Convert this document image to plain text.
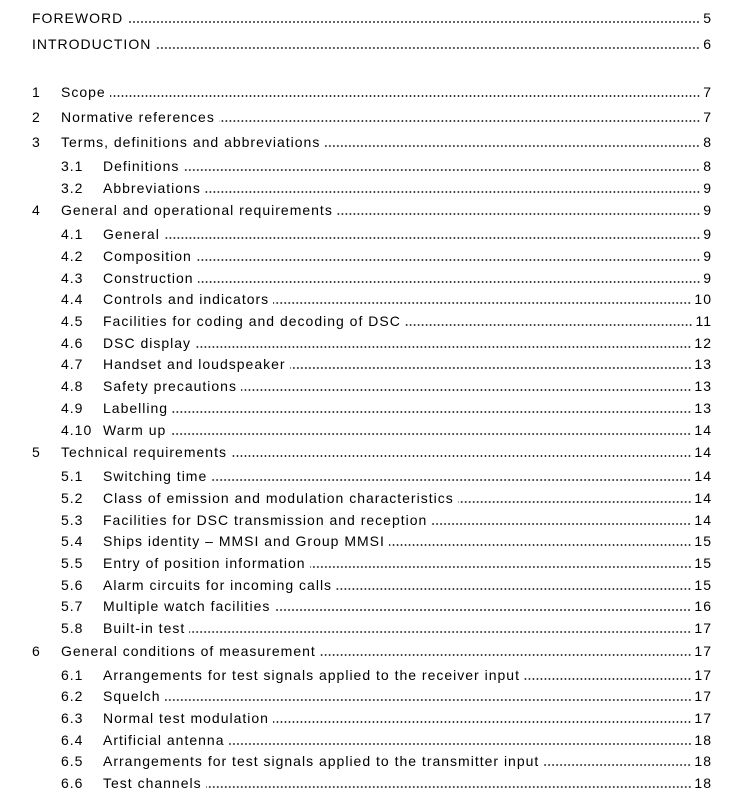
FOREWORD	5
INTRODUCTION	6
1	Scope	7
2	Normative references	7
3	Terms, definitions and abbreviations	8
3.1	Definitions	8
3.2	Abbreviations	9
4	General and operational requirements	9
4.1	General	9
4.2	Composition	9
4.3	Construction	9
4.4	Controls and indicators	10
4.5	Facilities for coding and decoding of DSC	11
4.6	DSC display	12
4.7	Handset and loudspeaker	13
4.8	Safety precautions	13
4.9	Labelling	13
4.10 Warm up	14
5	Technical requirements	14
5.1	Switching time	14
5.2	Class of emission and modulation characteristics	14
5.3	Facilities for DSC transmission and reception	14
5.4	Ships identity – MMSI and Group MMSI	15
5.5	Entry of position information	15
5.6	Alarm circuits for incoming calls	15
5.7	Multiple watch facilities	16
5.8	Built-in test	17
6	General conditions of measurement	17
6.1	Arrangements for test signals applied to the receiver input	17
6.2	Squelch	17
6.3	Normal test modulation	17
6.4	Artificial antenna	18
6.5	Arrangements for test signals applied to the transmitter input	18
6.6	Test channels	18
